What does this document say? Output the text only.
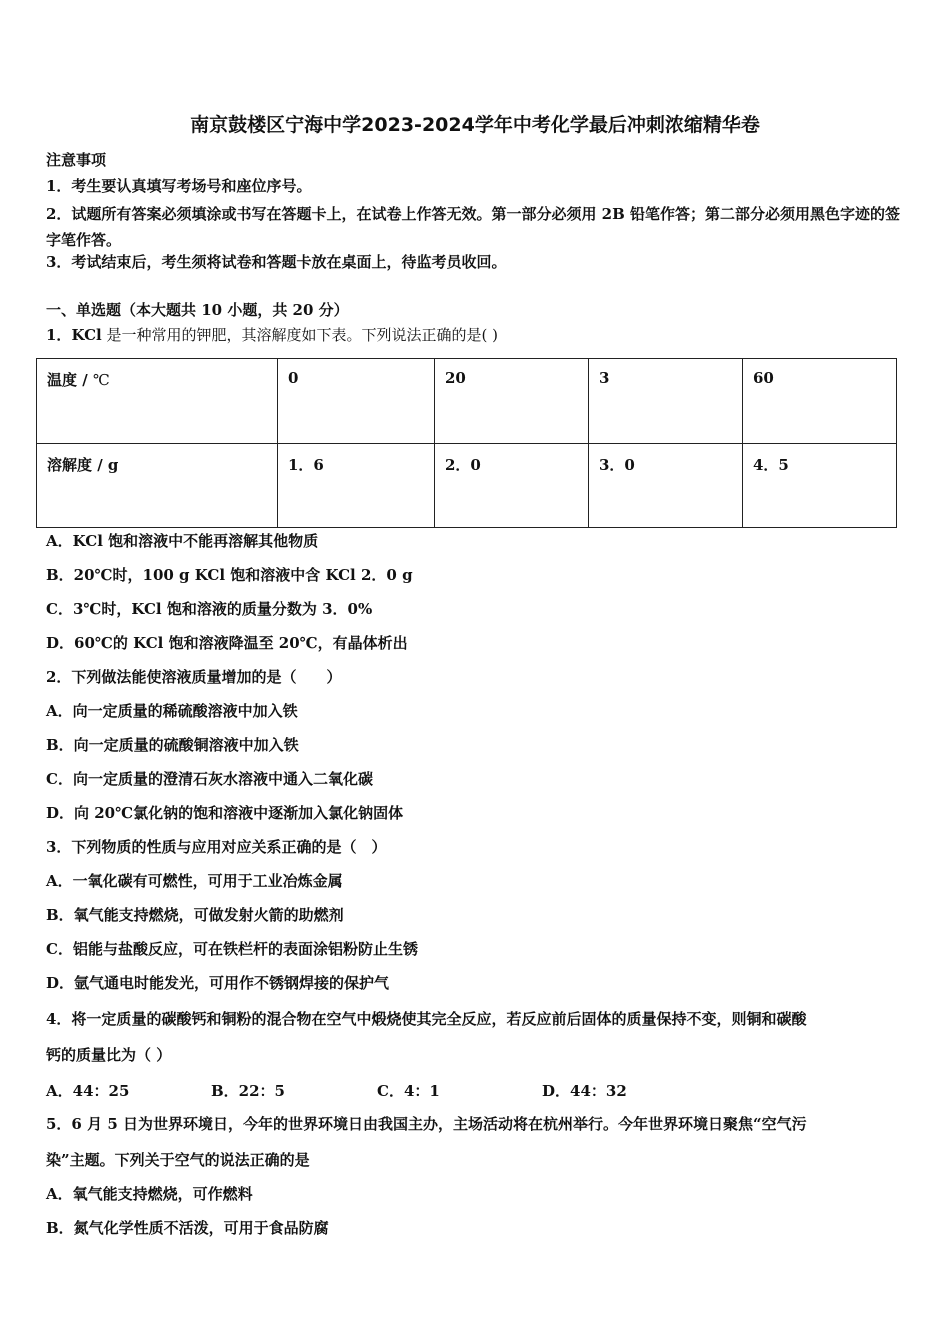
南京鼓楼区宁海中学2023-2024学年中考化学最后冲刺浓缩精华卷
注意事项
1．考生要认真填写考场号和座位序号。
2．试题所有答案必须填涂或书写在答题卡上，在试卷上作答无效。第一部分必须用 2B 铅笔作答；第二部分必须用黑色字迹的签字笔作答。
3．考试结束后，考生须将试卷和答题卡放在桌面上，待监考员收回。
一、单选题（本大题共 10 小题，共 20 分）
1．KCl 是一种常用的钾肥，其溶解度如下表。下列说法正确的是( )
温度 / ℃	0	20	3	60
溶解度 / g	1．6	2．0	3．0	4．5
A．KCl 饱和溶液中不能再溶解其他物质
B．20℃时，100 g KCl 饱和溶液中含 KCl 2．0 g
C．3℃时，KCl 饱和溶液的质量分数为 3．0%
D．60℃的 KCl 饱和溶液降温至 20℃，有晶体析出
2．下列做法能使溶液质量增加的是（　　）
A．向一定质量的稀硫酸溶液中加入铁
B．向一定质量的硫酸铜溶液中加入铁
C．向一定质量的澄清石灰水溶液中通入二氧化碳
D．向 20℃氯化钠的饱和溶液中逐渐加入氯化钠固体
3．下列物质的性质与应用对应关系正确的是（　）
A．一氧化碳有可燃性，可用于工业冶炼金属
B．氧气能支持燃烧，可做发射火箭的助燃剂
C．铝能与盐酸反应，可在铁栏杆的表面涂铝粉防止生锈
D．氩气通电时能发光，可用作不锈钢焊接的保护气
4．将一定质量的碳酸钙和铜粉的混合物在空气中煅烧使其完全反应，若反应前后固体的质量保持不变，则铜和碳酸
钙的质量比为（ ）
A．44：25	B．22：5	C．4：1	D．44：32
5．6 月 5 日为世界环境日，今年的世界环境日由我国主办，主场活动将在杭州举行。今年世界环境日聚焦“空气污
染”主题。下列关于空气的说法正确的是
A．氧气能支持燃烧，可作燃料
B．氮气化学性质不活泼，可用于食品防腐
